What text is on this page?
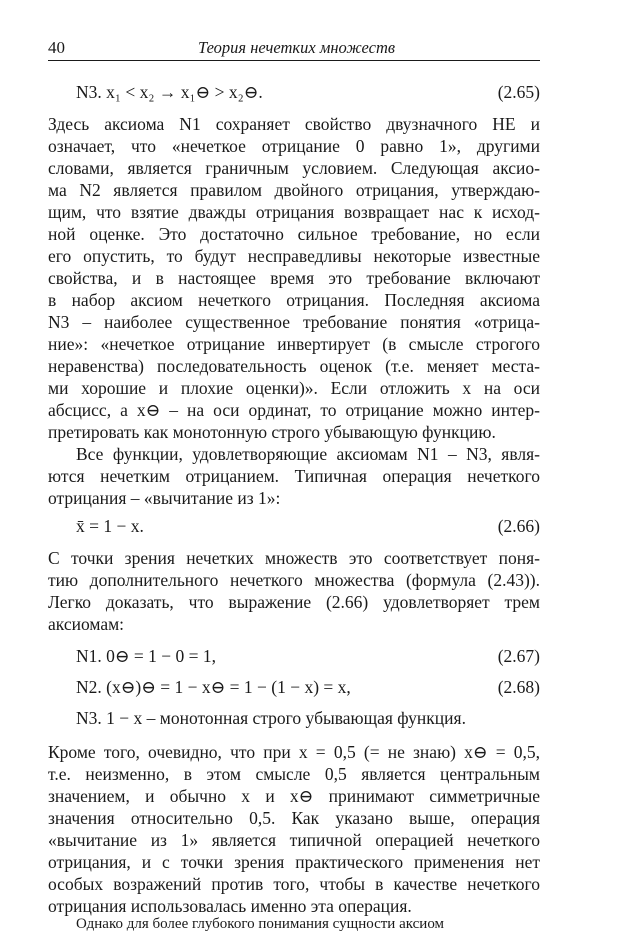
40	Теория нечетких множеств
N3. x₁ < x₂ → x₁⊖ > x₂⊖.	(2.65)
Здесь аксиома N1 сохраняет свойство двузначного НЕ и
означает, что «нечеткое отрицание 0 равно 1», другими
словами, является граничным условием. Следующая аксио-
ма N2 является правилом двойного отрицания, утверждаю-
щим, что взятие дважды отрицания возвращает нас к исход-
ной оценке. Это достаточно сильное требование, но если
его опустить, то будут несправедливы некоторые известные
свойства, и в настоящее время это требование включают
в набор аксиом нечеткого отрицания. Последняя аксиома
N3 – наиболее существенное требование понятия «отрица-
ние»: «нечеткое отрицание инвертирует (в смысле строгого
неравенства) последовательность оценок (т.е. меняет места-
ми хорошие и плохие оценки)». Если отложить x на оси
абсцисс, а x⊖ – на оси ординат, то отрицание можно интер-
претировать как монотонную строго убывающую функцию.
Все функции, удовлетворяющие аксиомам N1 – N3, явля-
ются нечетким отрицанием. Типичная операция нечеткого
отрицания – «вычитание из 1»:
x̄ = 1 − x.	(2.66)
С точки зрения нечетких множеств это соответствует поня-
тию дополнительного нечеткого множества (формула (2.43)).
Легко доказать, что выражение (2.66) удовлетворяет трем
аксиомам:
N1. 0⊖ = 1 − 0 = 1,	(2.67)
N2. (x⊖)⊖ = 1 − x⊖ = 1 − (1 − x) = x,	(2.68)
N3. 1 − x – монотонная строго убывающая функция.
Кроме того, очевидно, что при x = 0,5 (= не знаю) x⊖ = 0,5,
т.е. неизменно, в этом смысле 0,5 является центральным
значением, и обычно x и x⊖ принимают симметричные
значения относительно 0,5. Как указано выше, операция
«вычитание из 1» является типичной операцией нечеткого
отрицания, и с точки зрения практического применения нет
особых возражений против того, чтобы в качестве нечеткого
отрицания использовалась именно эта операция.
Однако для более глубокого понимания сущности аксиом
